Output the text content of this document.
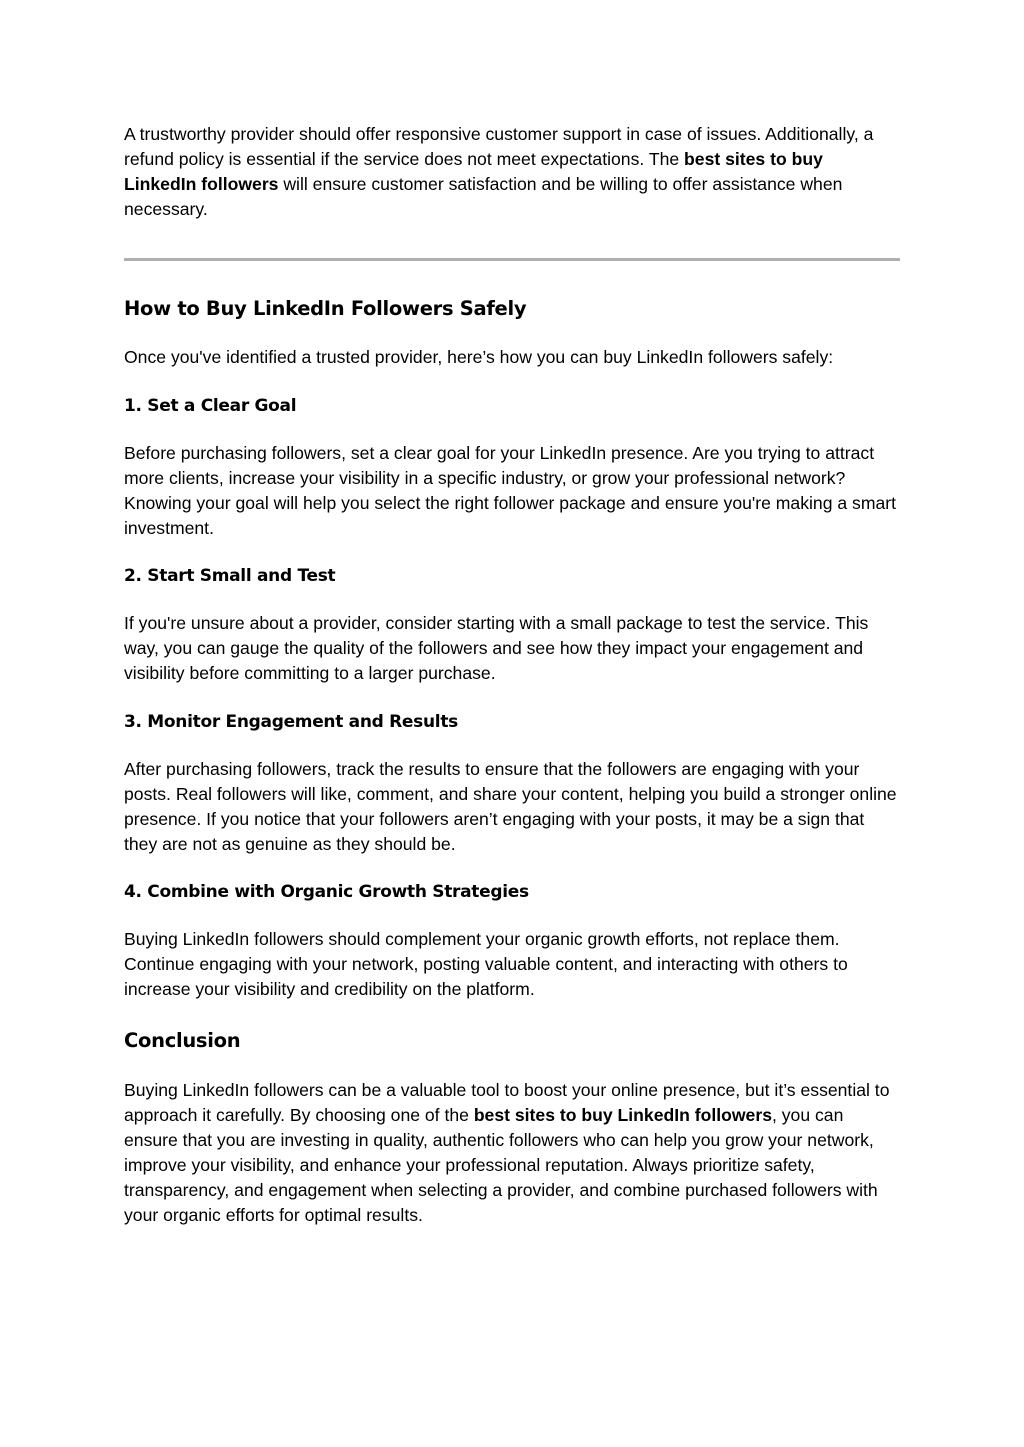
A trustworthy provider should offer responsive customer support in case of issues. Additionally, a refund policy is essential if the service does not meet expectations. The best sites to buy LinkedIn followers will ensure customer satisfaction and be willing to offer assistance when necessary.

How to Buy LinkedIn Followers Safely

Once you've identified a trusted provider, here’s how you can buy LinkedIn followers safely:

1. Set a Clear Goal

Before purchasing followers, set a clear goal for your LinkedIn presence. Are you trying to attract more clients, increase your visibility in a specific industry, or grow your professional network? Knowing your goal will help you select the right follower package and ensure you're making a smart investment.

2. Start Small and Test

If you're unsure about a provider, consider starting with a small package to test the service. This way, you can gauge the quality of the followers and see how they impact your engagement and visibility before committing to a larger purchase.

3. Monitor Engagement and Results

After purchasing followers, track the results to ensure that the followers are engaging with your posts. Real followers will like, comment, and share your content, helping you build a stronger online presence. If you notice that your followers aren’t engaging with your posts, it may be a sign that they are not as genuine as they should be.

4. Combine with Organic Growth Strategies

Buying LinkedIn followers should complement your organic growth efforts, not replace them. Continue engaging with your network, posting valuable content, and interacting with others to increase your visibility and credibility on the platform.

Conclusion

Buying LinkedIn followers can be a valuable tool to boost your online presence, but it’s essential to approach it carefully. By choosing one of the best sites to buy LinkedIn followers, you can ensure that you are investing in quality, authentic followers who can help you grow your network, improve your visibility, and enhance your professional reputation. Always prioritize safety, transparency, and engagement when selecting a provider, and combine purchased followers with your organic efforts for optimal results.
